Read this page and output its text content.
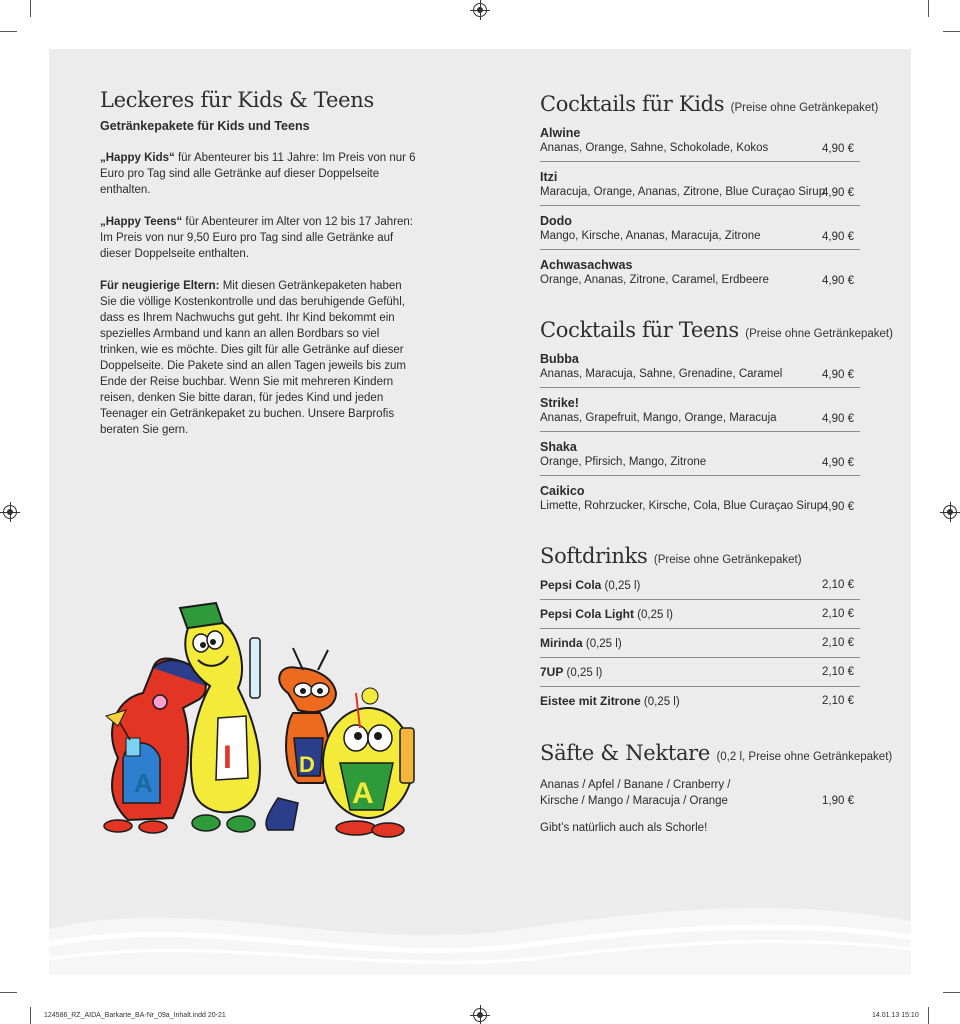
Leckeres für Kids & Teens
Getränkepakete für Kids und Teens

„Happy Kids“ für Abenteurer bis 11 Jahre: Im Preis von nur 6 Euro pro Tag sind alle Getränke auf dieser Doppelseite enthalten.

„Happy Teens“ für Abenteurer im Alter von 12 bis 17 Jahren: Im Preis von nur 9,50 Euro pro Tag sind alle Getränke auf dieser Doppelseite enthalten.

Für neugierige Eltern: Mit diesen Getränkepaketen haben Sie die völlige Kostenkontrolle und das beruhigende Gefühl, dass es Ihrem Nachwuchs gut geht. Ihr Kind bekommt ein spezielles Armband und kann an allen Bordbars so viel trinken, wie es möchte. Dies gilt für alle Getränke auf dieser Doppelseite. Die Pakete sind an allen Tagen jeweils bis zum Ende der Reise buchbar. Wenn Sie mit mehreren Kindern reisen, denken Sie bitte daran, für jedes Kind und jeden Teenager ein Getränkepaket zu buchen. Unsere Barprofis beraten Sie gern.

A
I	D
A
Cocktails für Kids (Preise ohne Getränkepaket)
Alwine
Ananas, Orange, Sahne, Schokolade, Kokos	4,90 €
Itzi
Maracuja, Orange, Ananas, Zitrone, Blue Curaçao Sirup
4,90 €
Dodo
Mango, Kirsche, Ananas, Maracuja, Zitrone	4,90 €
Achwasachwas
Orange, Ananas, Zitrone, Caramel, Erdbeere	4,90 €
Cocktails für Teens (Preise ohne Getränkepaket)
Bubba
Ananas, Maracuja, Sahne, Grenadine, Caramel	4,90 €
Strike!
Ananas, Grapefruit, Mango, Orange, Maracuja	4,90 €
Shaka
Orange, Pfirsich, Mango, Zitrone	4,90 €
Caikico
Limette, Rohrzucker, Kirsche, Cola, Blue Curaçao Sirup
4,90 €
Softdrinks (Preise ohne Getränkepaket)
Pepsi Cola (0,25 l)	2,10 €
Pepsi Cola Light (0,25 l)	2,10 €
Mirinda (0,25 l)	2,10 €
7UP (0,25 l)	2,10 €
Eistee mit Zitrone (0,25 l)	2,10 €
Säfte & Nektare (0,2 l, Preise ohne Getränkepaket)
Ananas / Apfel / Banane / Cranberry /
Kirsche / Mango / Maracuja / Orange	1,90 €
Gibt’s natürlich auch als Schorle!
124586_RZ_AIDA_Barkarte_BA-Nr_09a_Inhalt.indd 20-21	14.01.13 15:10
